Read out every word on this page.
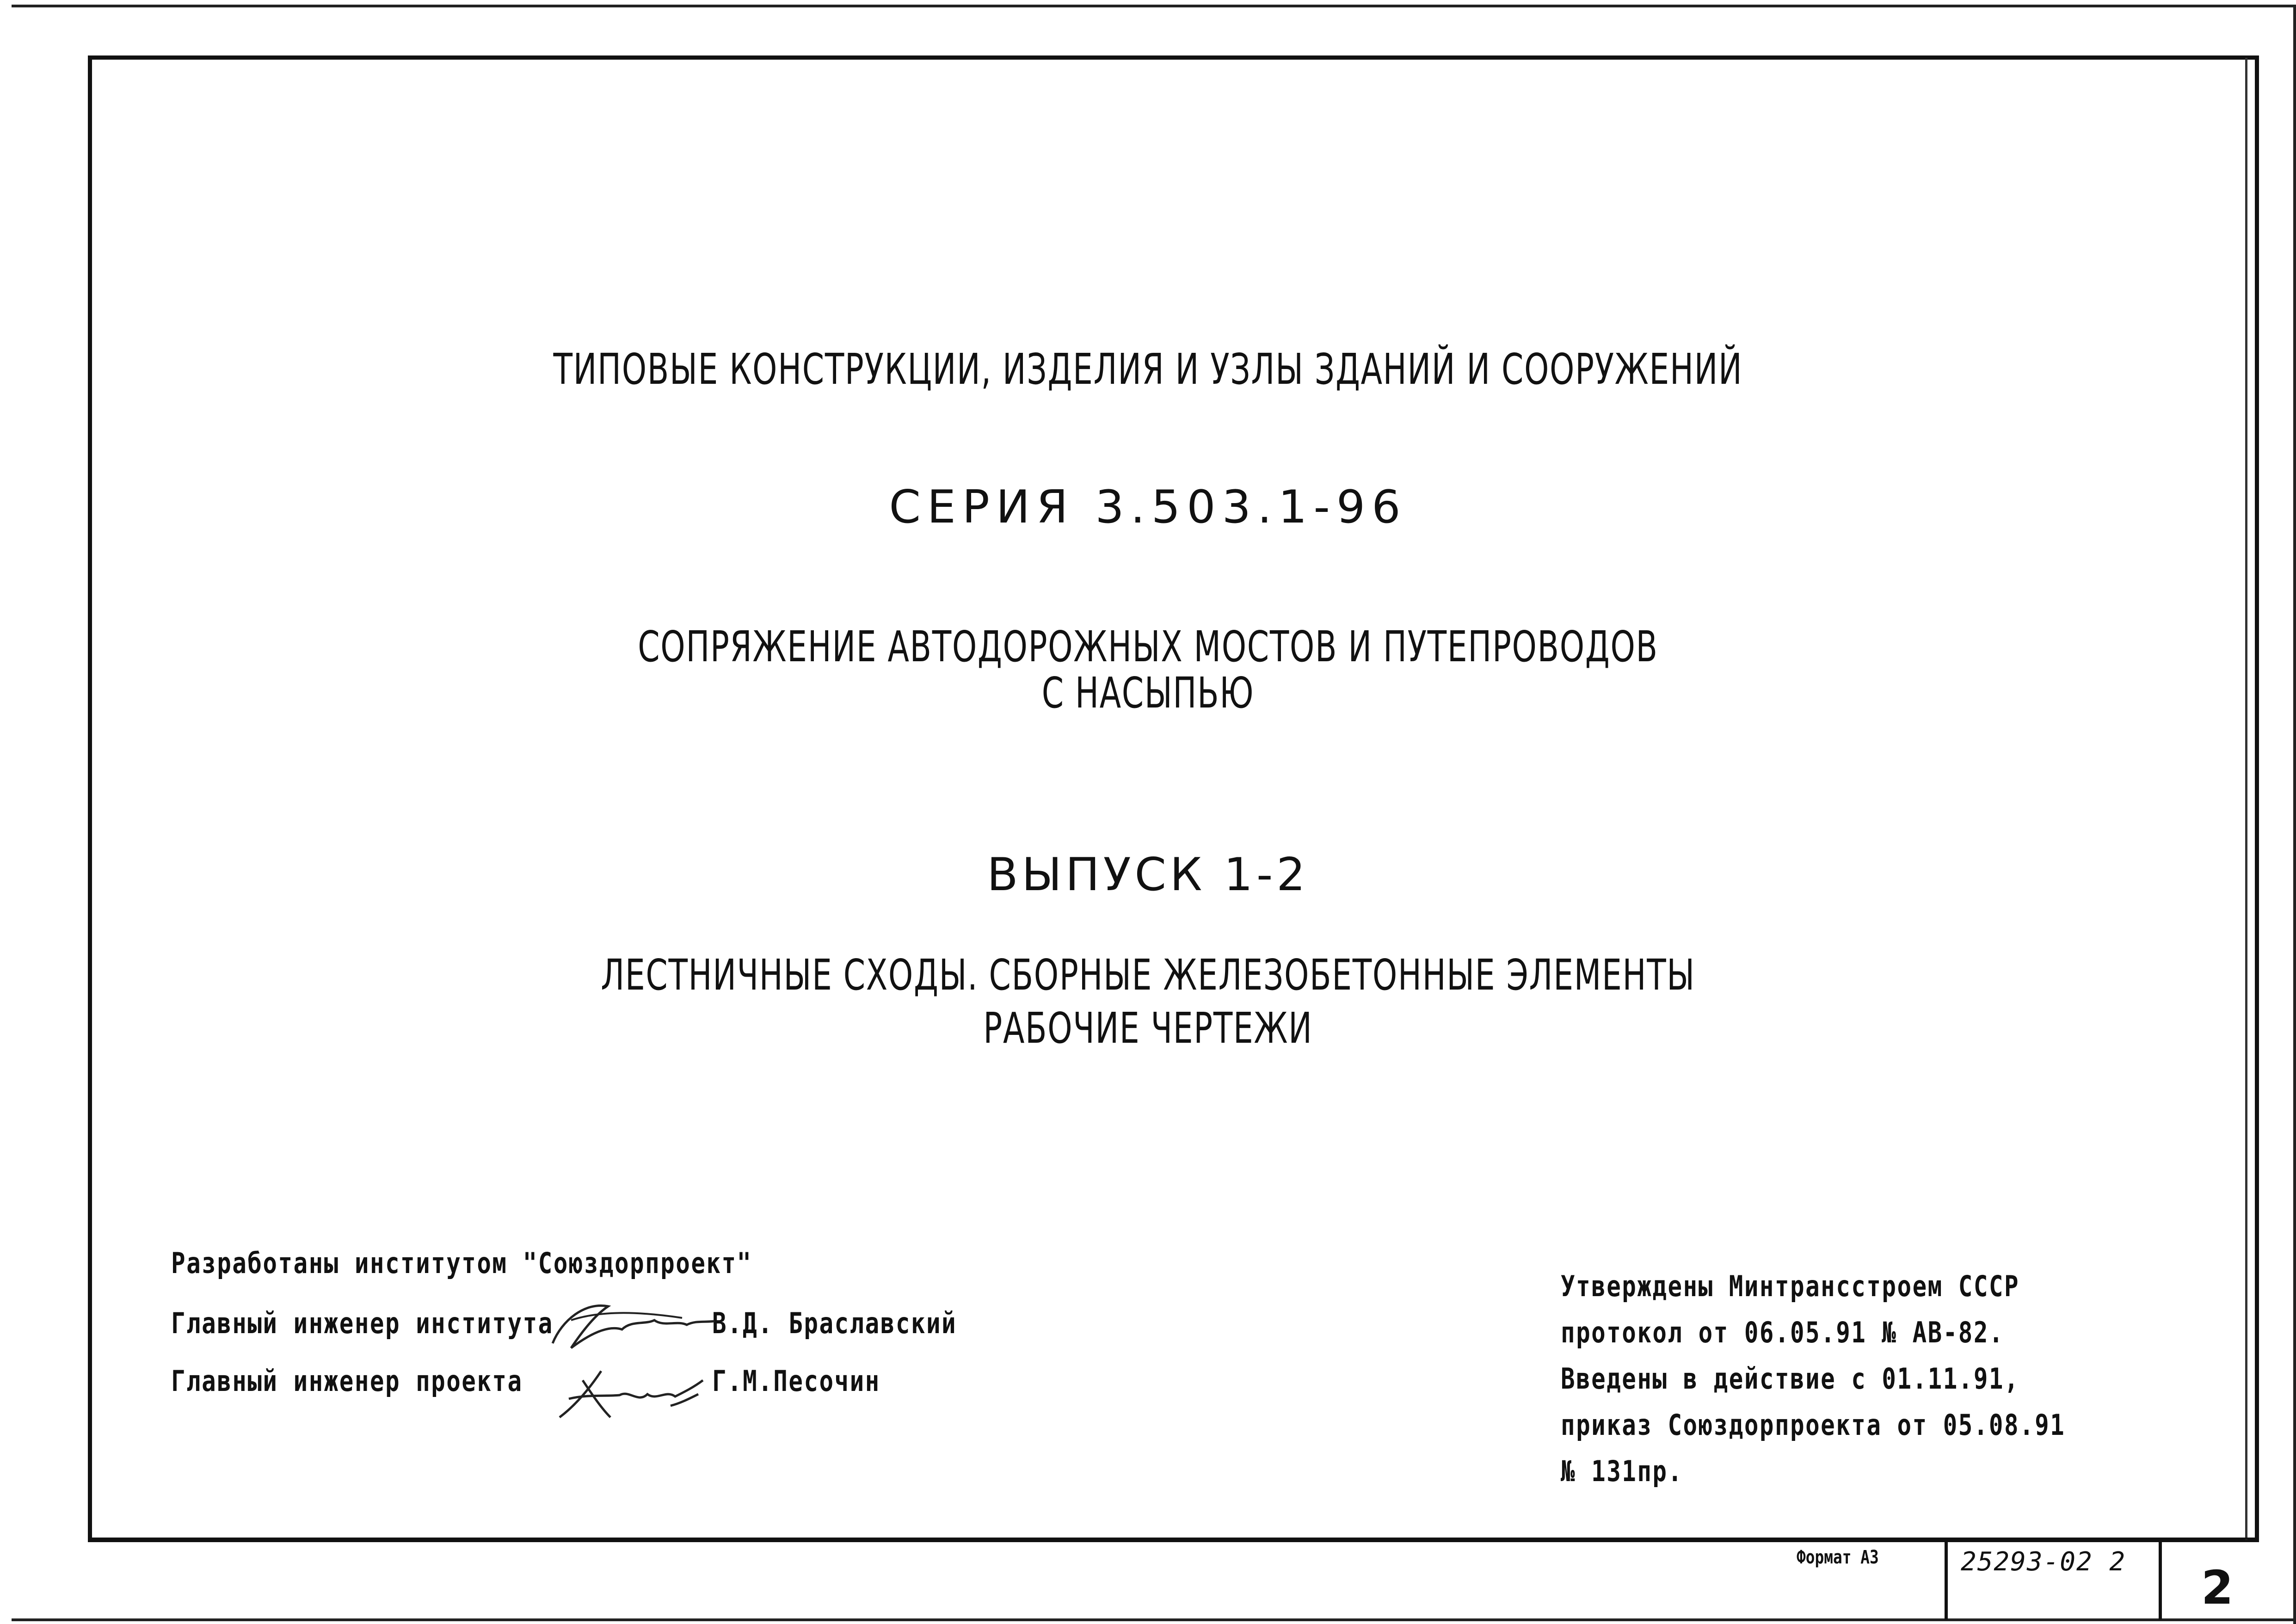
ТИПОВЫЕ КОНСТРУКЦИИ, ИЗДЕЛИЯ И УЗЛЫ ЗДАНИЙ И СООРУЖЕНИЙ
СЕРИЯ 3.503.1-96
СОПРЯЖЕНИЕ АВТОДОРОЖНЫХ МОСТОВ И ПУТЕПРОВОДОВ
С НАСЫПЬЮ
ВЫПУСК 1-2
ЛЕСТНИЧНЫЕ СХОДЫ. СБОРНЫЕ ЖЕЛЕЗОБЕТОННЫЕ ЭЛЕМЕНТЫ
РАБОЧИЕ ЧЕРТЕЖИ
Разработаны институтом "Союздорпроект"
Главный инженер института	В.Д. Браславский
Главный инженер проекта	Г.М.Песочин
Утверждены Минтрансстроем СССР
протокол от 06.05.91 № АВ-82.
Введены в действие с 01.11.91,
приказ Союздорпроекта от 05.08.91
№ 131пр.
Формат А3	25293-02 2 2
